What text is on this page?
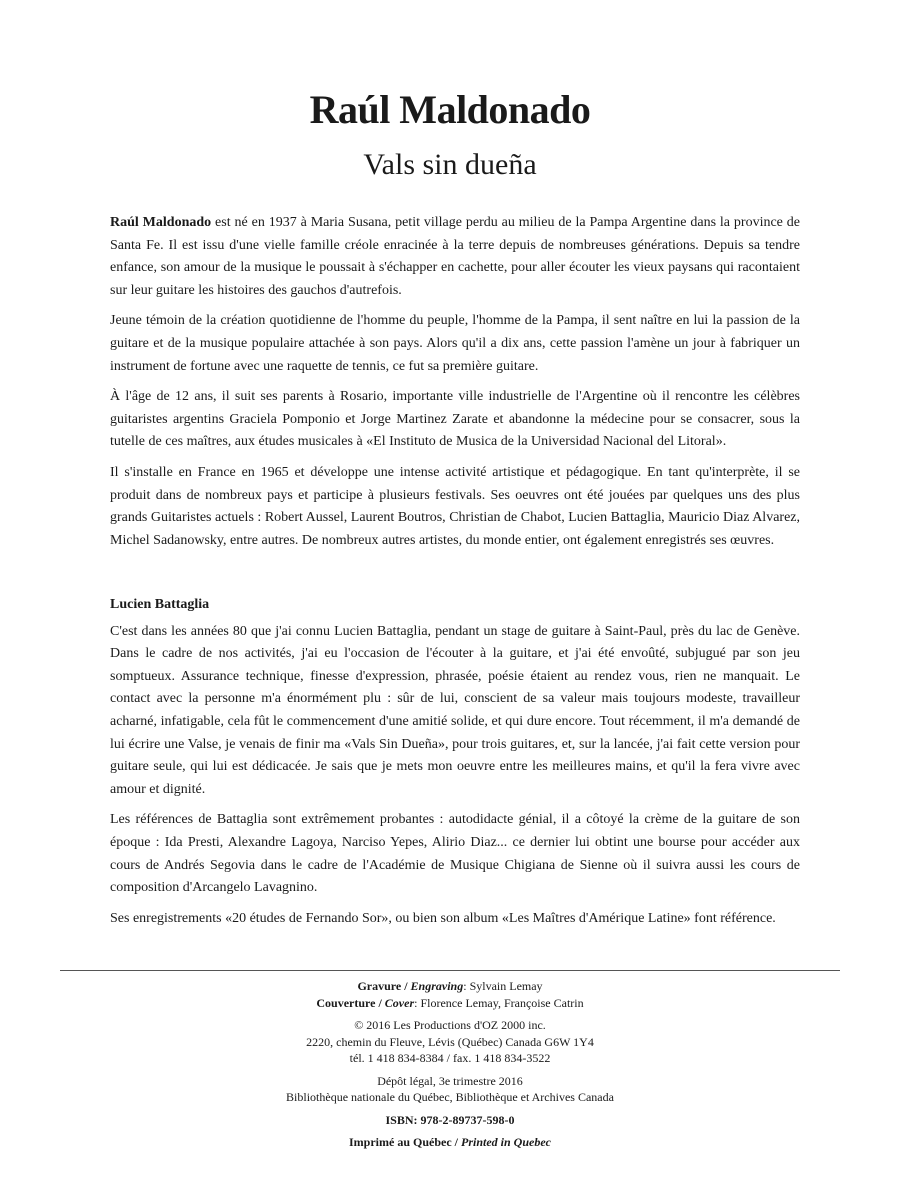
Raúl Maldonado
Vals sin dueña

Raúl Maldonado est né en 1937 à Maria Susana, petit village perdu au milieu de la Pampa Argentine dans la province de Santa Fe. Il est issu d'une vielle famille créole enracinée à la terre depuis de nombreuses générations. Depuis sa tendre enfance, son amour de la musique le poussait à s'échapper en cachette, pour aller écouter les vieux paysans qui racontaient sur leur guitare les histoires des gauchos d'autrefois.

Jeune témoin de la création quotidienne de l'homme du peuple, l'homme de la Pampa, il sent naître en lui la passion de la guitare et de la musique populaire attachée à son pays. Alors qu'il a dix ans, cette passion l'amène un jour à fabriquer un instrument de fortune avec une raquette de tennis, ce fut sa première guitare.

À l'âge de 12 ans, il suit ses parents à Rosario, importante ville industrielle de l'Argentine où il rencontre les célèbres guitaristes argentins Graciela Pomponio et Jorge Martinez Zarate et abandonne la médecine pour se consacrer, sous la tutelle de ces maîtres, aux études musicales à «El Instituto de Musica de la Universidad Nacional del Litoral».

Il s'installe en France en 1965 et développe une intense activité artistique et pédagogique. En tant qu'interprète, il se produit dans de nombreux pays et participe à plusieurs festivals. Ses oeuvres ont été jouées par quelques uns des plus grands Guitaristes actuels : Robert Aussel, Laurent Boutros, Christian de Chabot, Lucien Battaglia, Mauricio Diaz Alvarez, Michel Sadanowsky, entre autres. De nombreux autres artistes, du monde entier, ont également enregistrés ses œuvres.

Lucien Battaglia

C'est dans les années 80 que j'ai connu Lucien Battaglia, pendant un stage de guitare à Saint-Paul, près du lac de Genève. Dans le cadre de nos activités, j'ai eu l'occasion de l'écouter à la guitare, et j'ai été envoûté, subjugué par son jeu somptueux. Assurance technique, finesse d'expression, phrasée, poésie étaient au rendez vous, rien ne manquait. Le contact avec la personne m'a énormément plu : sûr de lui, conscient de sa valeur mais toujours modeste, travailleur acharné, infatigable, cela fût le commencement d'une amitié solide, et qui dure encore. Tout récemment, il m'a demandé de lui écrire une Valse, je venais de finir ma «Vals Sin Dueña», pour trois guitares, et, sur la lancée, j'ai fait cette version pour guitare seule, qui lui est dédicacée. Je sais que je mets mon oeuvre entre les meilleures mains, et qu'il la fera vivre avec amour et dignité.

Les références de Battaglia sont extrêmement probantes : autodidacte génial, il a côtoyé la crème de la guitare de son époque : Ida Presti, Alexandre Lagoya, Narciso Yepes, Alirio Diaz... ce dernier lui obtint une bourse pour accéder aux cours de Andrés Segovia dans le cadre de l'Académie de Musique Chigiana de Sienne où il suivra aussi les cours de composition d'Arcangelo Lavagnino.

Ses enregistrements «20 études de Fernando Sor», ou bien son album «Les Maîtres d'Amérique Latine» font référence.

Gravure / Engraving: Sylvain Lemay
Couverture / Cover: Florence Lemay, Françoise Catrin
© 2016 Les Productions d'OZ 2000 inc.
2220, chemin du Fleuve, Lévis (Québec) Canada G6W 1Y4
tél. 1 418 834-8384 / fax. 1 418 834-3522
Dépôt légal, 3e trimestre 2016
Bibliothèque nationale du Québec, Bibliothèque et Archives Canada
ISBN: 978-2-89737-598-0
Imprimé au Québec / Printed in Quebec
